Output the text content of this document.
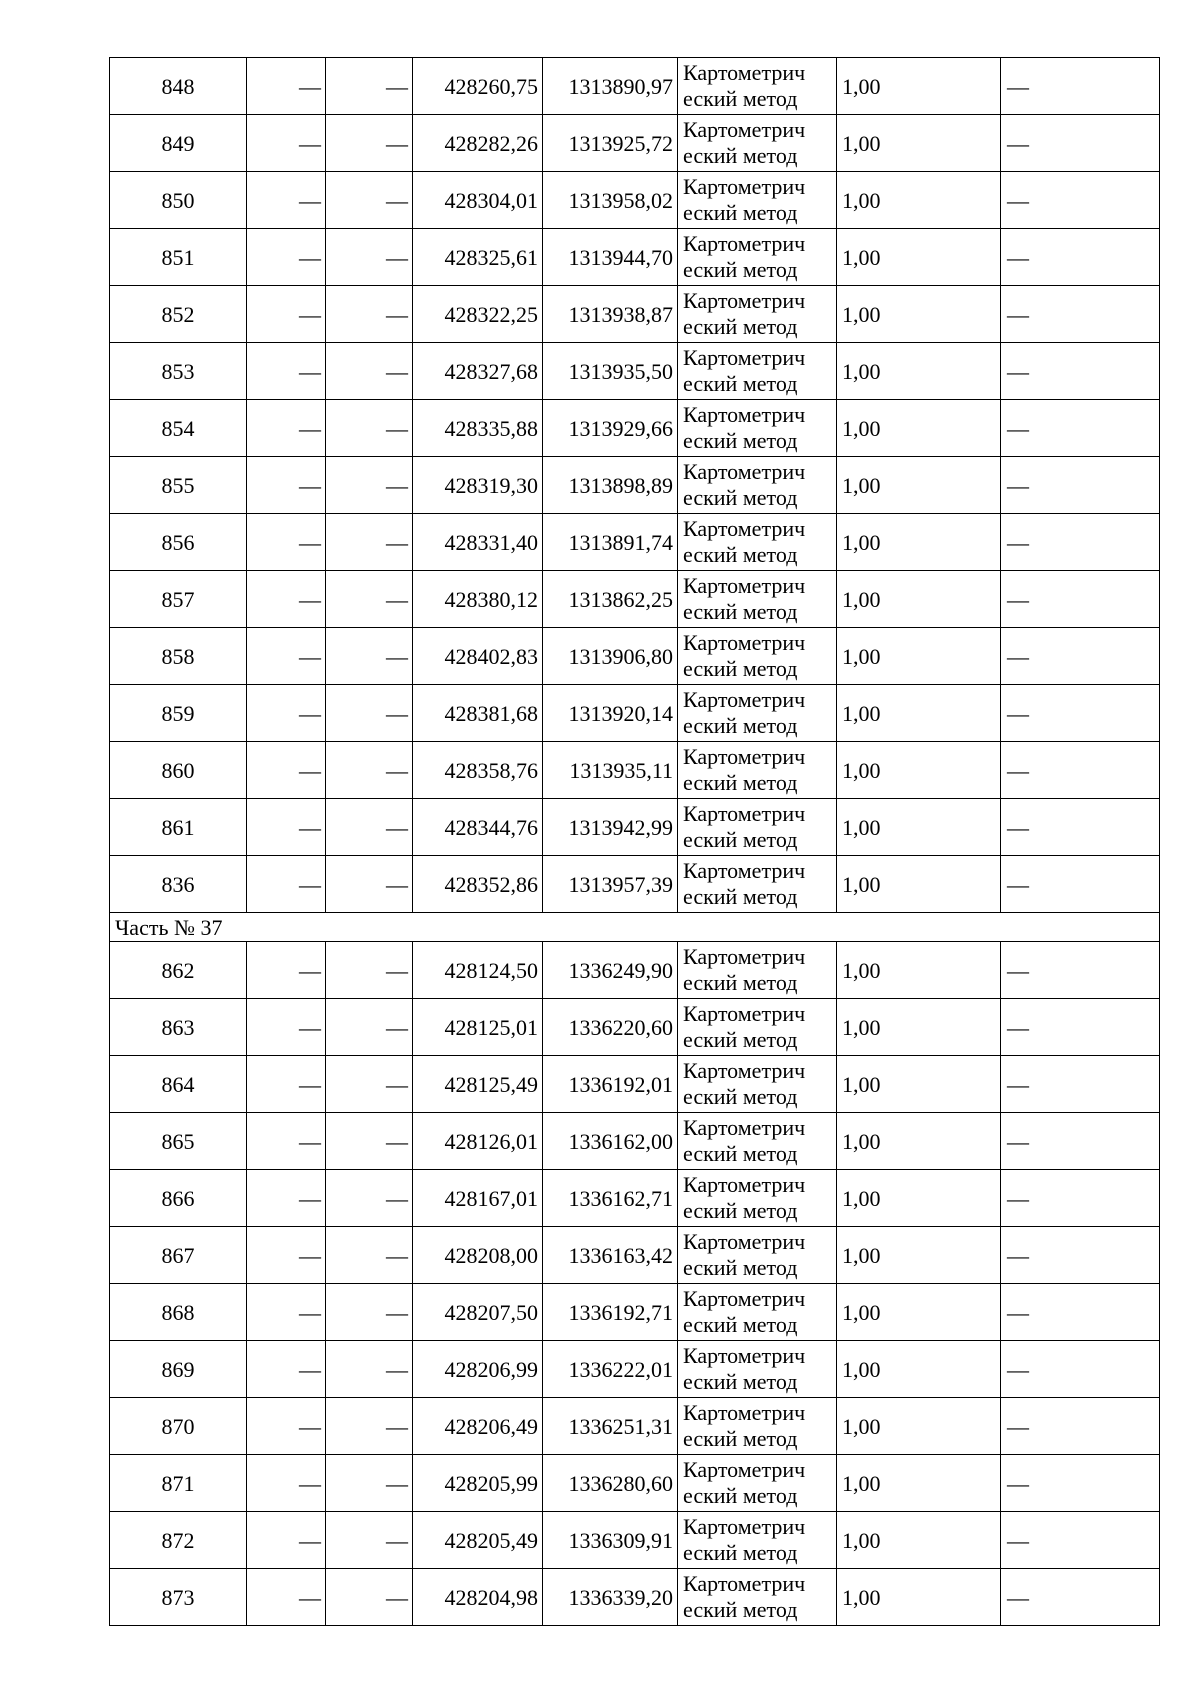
848	—	—	428260,75	1313890,97	Картометрич
еский метод	1,00	—
849	—	—	428282,26	1313925,72	Картометрич
еский метод	1,00	—
850	—	—	428304,01	1313958,02	Картометрич
еский метод	1,00	—
851	—	—	428325,61	1313944,70	Картометрич
еский метод	1,00	—
852	—	—	428322,25	1313938,87	Картометрич
еский метод	1,00	—
853	—	—	428327,68	1313935,50	Картометрич
еский метод	1,00	—
854	—	—	428335,88	1313929,66	Картометрич
еский метод	1,00	—
855	—	—	428319,30	1313898,89	Картометрич
еский метод	1,00	—
856	—	—	428331,40	1313891,74	Картометрич
еский метод	1,00	—
857	—	—	428380,12	1313862,25	Картометрич
еский метод	1,00	—
858	—	—	428402,83	1313906,80	Картометрич
еский метод	1,00	—
859	—	—	428381,68	1313920,14	Картометрич
еский метод	1,00	—
860	—	—	428358,76	1313935,11	Картометрич
еский метод	1,00	—
861	—	—	428344,76	1313942,99	Картометрич
еский метод	1,00	—
836	—	—	428352,86	1313957,39	Картометрич
еский метод	1,00	—
Часть № 37							
862	—	—	428124,50	1336249,90	Картометрич
еский метод	1,00	—
863	—	—	428125,01	1336220,60	Картометрич
еский метод	1,00	—
864	—	—	428125,49	1336192,01	Картометрич
еский метод	1,00	—
865	—	—	428126,01	1336162,00	Картометрич
еский метод	1,00	—
866	—	—	428167,01	1336162,71	Картометрич
еский метод	1,00	—
867	—	—	428208,00	1336163,42	Картометрич
еский метод	1,00	—
868	—	—	428207,50	1336192,71	Картометрич
еский метод	1,00	—
869	—	—	428206,99	1336222,01	Картометрич
еский метод	1,00	—
870	—	—	428206,49	1336251,31	Картометрич
еский метод	1,00	—
871	—	—	428205,99	1336280,60	Картометрич
еский метод	1,00	—
872	—	—	428205,49	1336309,91	Картометрич
еский метод	1,00	—
873	—	—	428204,98	1336339,20	Картометрич
еский метод	1,00	—
